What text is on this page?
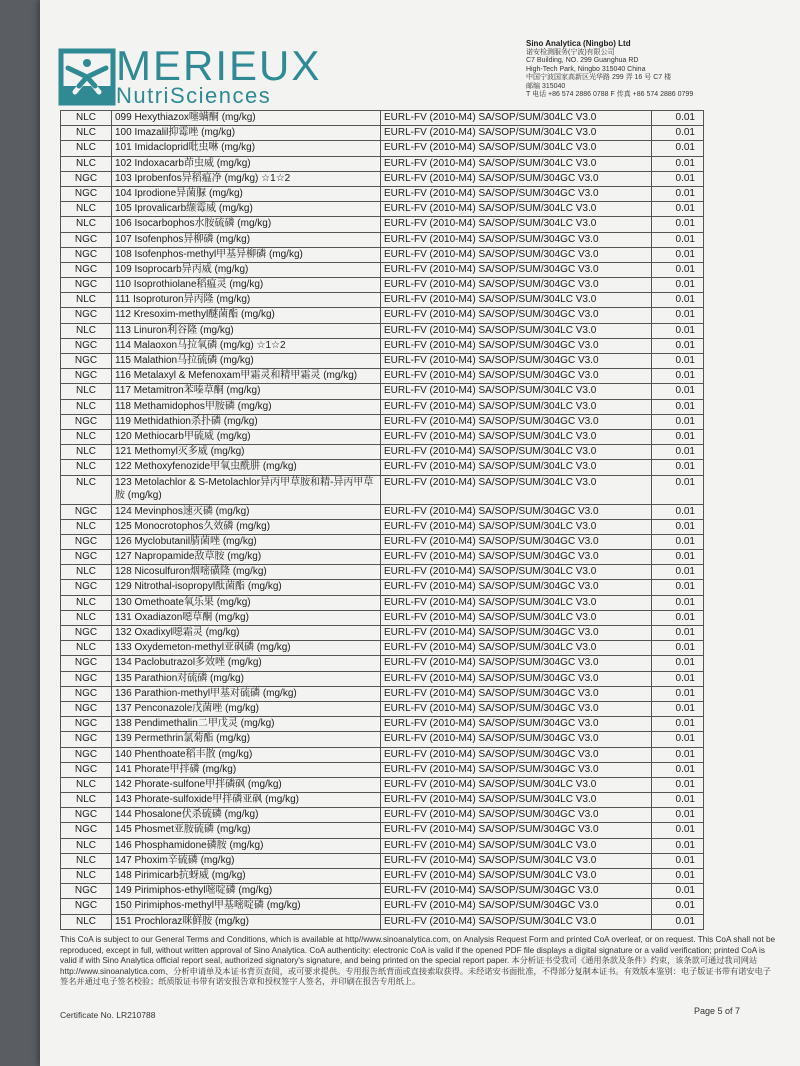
MERIEUX
NutriSciences
Sino Analytica (Ningbo) Ltd
诺安检测服务(宁波)有限公司
C7 Building, NO. 299 Guanghua RD
High-Tech Park, Ningbo 315040 China
中国宁波国家高新区光华路 299 弄 16 号 C7 楼
邮编 315040
T 电话 +86 574 2886 0788 F 传真 +86 574 2886 0799
NLC	099 Hexythiazox噻螨酮 (mg/kg)	EURL-FV (2010-M4) SA/SOP/SUM/304LC V3.0	0.01
NLC	100 Imazalil抑霉唑 (mg/kg)	EURL-FV (2010-M4) SA/SOP/SUM/304LC V3.0	0.01
NLC	101 Imidacloprid吡虫啉 (mg/kg)	EURL-FV (2010-M4) SA/SOP/SUM/304LC V3.0	0.01
NLC	102 Indoxacarb茚虫威 (mg/kg)	EURL-FV (2010-M4) SA/SOP/SUM/304LC V3.0	0.01
NGC	103 Iprobenfos异稻瘟净 (mg/kg) ☆1☆2	EURL-FV (2010-M4) SA/SOP/SUM/304GC V3.0	0.01
NGC	104 Iprodione异菌脲 (mg/kg)	EURL-FV (2010-M4) SA/SOP/SUM/304GC V3.0	0.01
NLC	105 Iprovalicarb缬霉威 (mg/kg)	EURL-FV (2010-M4) SA/SOP/SUM/304LC V3.0	0.01
NLC	106 Isocarbophos水胺硫磷 (mg/kg)	EURL-FV (2010-M4) SA/SOP/SUM/304LC V3.0	0.01
NGC	107 Isofenphos异柳磷 (mg/kg)	EURL-FV (2010-M4) SA/SOP/SUM/304GC V3.0	0.01
NGC	108 Isofenphos-methyl甲基异柳磷 (mg/kg)	EURL-FV (2010-M4) SA/SOP/SUM/304GC V3.0	0.01
NGC	109 Isoprocarb异丙威 (mg/kg)	EURL-FV (2010-M4) SA/SOP/SUM/304GC V3.0	0.01
NGC	110 Isoprothiolane稻瘟灵 (mg/kg)	EURL-FV (2010-M4) SA/SOP/SUM/304GC V3.0	0.01
NLC	111 Isoproturon异丙隆 (mg/kg)	EURL-FV (2010-M4) SA/SOP/SUM/304LC V3.0	0.01
NGC	112 Kresoxim-methyl醚菌酯 (mg/kg)	EURL-FV (2010-M4) SA/SOP/SUM/304GC V3.0	0.01
NLC	113 Linuron利谷隆 (mg/kg)	EURL-FV (2010-M4) SA/SOP/SUM/304LC V3.0	0.01
NGC	114 Malaoxon马拉氧磷 (mg/kg) ☆1☆2	EURL-FV (2010-M4) SA/SOP/SUM/304GC V3.0	0.01
NGC	115 Malathion马拉硫磷 (mg/kg)	EURL-FV (2010-M4) SA/SOP/SUM/304GC V3.0	0.01
NGC	116 Metalaxyl & Mefenoxam甲霜灵和精甲霜灵 (mg/kg)	EURL-FV (2010-M4) SA/SOP/SUM/304GC V3.0	0.01
NLC	117 Metamitron苯嗪草酮 (mg/kg)	EURL-FV (2010-M4) SA/SOP/SUM/304LC V3.0	0.01
NLC	118 Methamidophos甲胺磷 (mg/kg)	EURL-FV (2010-M4) SA/SOP/SUM/304LC V3.0	0.01
NGC	119 Methidathion杀扑磷 (mg/kg)	EURL-FV (2010-M4) SA/SOP/SUM/304GC V3.0	0.01
NLC	120 Methiocarb甲硫威 (mg/kg)	EURL-FV (2010-M4) SA/SOP/SUM/304LC V3.0	0.01
NLC	121 Methomyl灭多威 (mg/kg)	EURL-FV (2010-M4) SA/SOP/SUM/304LC V3.0	0.01
NLC	122 Methoxyfenozide甲氧虫酰肼 (mg/kg)	EURL-FV (2010-M4) SA/SOP/SUM/304LC V3.0	0.01
NLC	123 Metolachlor & S-Metolachlor异丙甲草胺和精-异丙甲草胺 (mg/kg)	EURL-FV (2010-M4) SA/SOP/SUM/304LC V3.0	0.01
NGC	124 Mevinphos速灭磷 (mg/kg)	EURL-FV (2010-M4) SA/SOP/SUM/304GC V3.0	0.01
NLC	125 Monocrotophos久效磷 (mg/kg)	EURL-FV (2010-M4) SA/SOP/SUM/304LC V3.0	0.01
NGC	126 Myclobutanil腈菌唑 (mg/kg)	EURL-FV (2010-M4) SA/SOP/SUM/304GC V3.0	0.01
NGC	127 Napropamide敌草胺 (mg/kg)	EURL-FV (2010-M4) SA/SOP/SUM/304GC V3.0	0.01
NLC	128 Nicosulfuron烟嘧磺隆 (mg/kg)	EURL-FV (2010-M4) SA/SOP/SUM/304LC V3.0	0.01
NGC	129 Nitrothal-isopropyl酞菌酯 (mg/kg)	EURL-FV (2010-M4) SA/SOP/SUM/304GC V3.0	0.01
NLC	130 Omethoate氧乐果 (mg/kg)	EURL-FV (2010-M4) SA/SOP/SUM/304LC V3.0	0.01
NLC	131 Oxadiazon噁草酮 (mg/kg)	EURL-FV (2010-M4) SA/SOP/SUM/304LC V3.0	0.01
NGC	132 Oxadixyl噁霜灵 (mg/kg)	EURL-FV (2010-M4) SA/SOP/SUM/304GC V3.0	0.01
NLC	133 Oxydemeton-methyl亚砜磷 (mg/kg)	EURL-FV (2010-M4) SA/SOP/SUM/304LC V3.0	0.01
NGC	134 Paclobutrazol多效唑 (mg/kg)	EURL-FV (2010-M4) SA/SOP/SUM/304GC V3.0	0.01
NGC	135 Parathion对硫磷 (mg/kg)	EURL-FV (2010-M4) SA/SOP/SUM/304GC V3.0	0.01
NGC	136 Parathion-methyl甲基对硫磷 (mg/kg)	EURL-FV (2010-M4) SA/SOP/SUM/304GC V3.0	0.01
NGC	137 Penconazole戊菌唑 (mg/kg)	EURL-FV (2010-M4) SA/SOP/SUM/304GC V3.0	0.01
NGC	138 Pendimethalin二甲戊灵 (mg/kg)	EURL-FV (2010-M4) SA/SOP/SUM/304GC V3.0	0.01
NGC	139 Permethrin氯菊酯 (mg/kg)	EURL-FV (2010-M4) SA/SOP/SUM/304GC V3.0	0.01
NGC	140 Phenthoate稻丰散 (mg/kg)	EURL-FV (2010-M4) SA/SOP/SUM/304GC V3.0	0.01
NGC	141 Phorate甲拌磷 (mg/kg)	EURL-FV (2010-M4) SA/SOP/SUM/304GC V3.0	0.01
NLC	142 Phorate-sulfone甲拌磷砜 (mg/kg)	EURL-FV (2010-M4) SA/SOP/SUM/304LC V3.0	0.01
NLC	143 Phorate-sulfoxide甲拌磷亚砜 (mg/kg)	EURL-FV (2010-M4) SA/SOP/SUM/304LC V3.0	0.01
NGC	144 Phosalone伏杀硫磷 (mg/kg)	EURL-FV (2010-M4) SA/SOP/SUM/304GC V3.0	0.01
NGC	145 Phosmet亚胺硫磷 (mg/kg)	EURL-FV (2010-M4) SA/SOP/SUM/304GC V3.0	0.01
NLC	146 Phosphamidone磷胺 (mg/kg)	EURL-FV (2010-M4) SA/SOP/SUM/304LC V3.0	0.01
NLC	147 Phoxim辛硫磷 (mg/kg)	EURL-FV (2010-M4) SA/SOP/SUM/304LC V3.0	0.01
NLC	148 Pirimicarb抗蚜威 (mg/kg)	EURL-FV (2010-M4) SA/SOP/SUM/304LC V3.0	0.01
NGC	149 Pirimiphos-ethyl嘧啶磷 (mg/kg)	EURL-FV (2010-M4) SA/SOP/SUM/304GC V3.0	0.01
NGC	150 Pirimiphos-methyl甲基嘧啶磷 (mg/kg)	EURL-FV (2010-M4) SA/SOP/SUM/304GC V3.0	0.01
NLC	151 Prochloraz咪鲜胺 (mg/kg)	EURL-FV (2010-M4) SA/SOP/SUM/304LC V3.0	0.01
This CoA is subject to our General Terms and Conditions, which is available at http//www.sinoanalytica.com, on Analysis Request Form and printed CoA overleaf, or on request. This CoA shall not be reproduced, except in full, without written approval of Sino Analytica. CoA authenticity: electronic CoA is valid if the opened PDF file displays a digital signature or a valid verification; printed CoA is valid if with Sino Analytica official report seal, authorized signatory's signature, and being printed on the special report paper. 本分析证书受我司《通用条款及条件》约束，该条款可通过我司网站http://www.sinoanalytica.com、分析申请单及本证书背页查阅，或可要求提供。专用报告纸背面或直接索取获得。未经诺安书面批准，不得部分复制本证书。有效版本鉴别：电子版证书带有诺安电子签名并通过电子签名校验；纸质版证书带有诺安报告章和授权签字人签名，并印刷在报告专用纸上。
Certificate No. LR210788	Page 5 of 7
